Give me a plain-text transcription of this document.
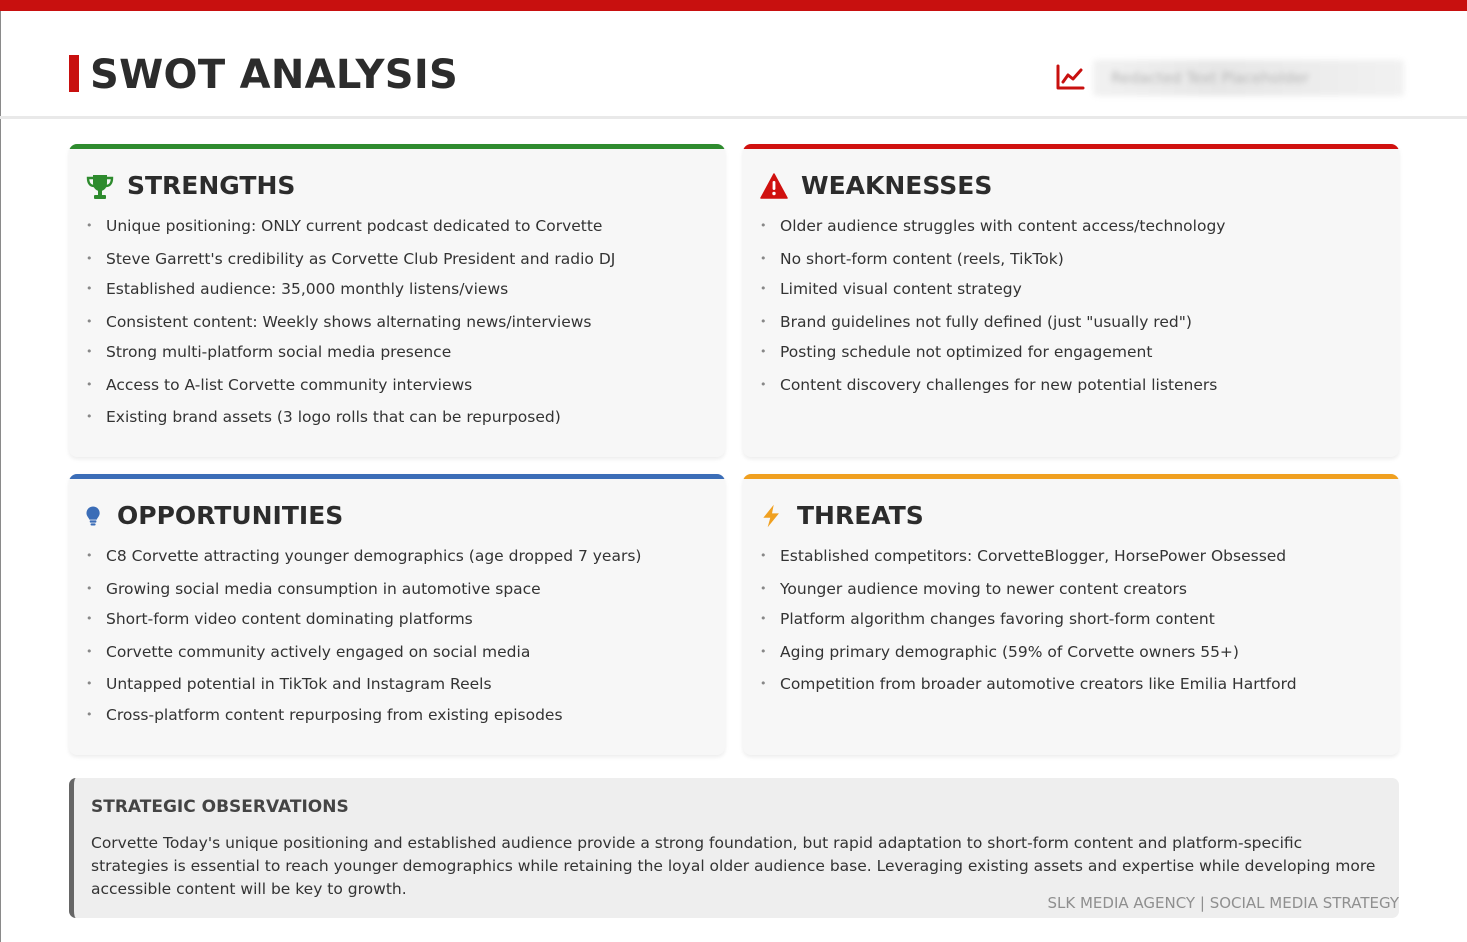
SWOT ANALYSIS	Redacted Text Placeholder
STRENGTHS
• Unique positioning: ONLY current podcast dedicated to Corvette
• Steve Garrett's credibility as Corvette Club President and radio DJ
• Established audience: 35,000 monthly listens/views
• Consistent content: Weekly shows alternating news/interviews
• Strong multi-platform social media presence
• Access to A-list Corvette community interviews
• Existing brand assets (3 logo rolls that can be repurposed)
WEAKNESSES
• Older audience struggles with content access/technology
• No short-form content (reels, TikTok)
• Limited visual content strategy
• Brand guidelines not fully defined (just "usually red")
• Posting schedule not optimized for engagement
• Content discovery challenges for new potential listeners
OPPORTUNITIES
• C8 Corvette attracting younger demographics (age dropped 7 years)
• Growing social media consumption in automotive space
• Short-form video content dominating platforms
• Corvette community actively engaged on social media
• Untapped potential in TikTok and Instagram Reels
• Cross-platform content repurposing from existing episodes
THREATS
• Established competitors: CorvetteBlogger, HorsePower Obsessed
• Younger audience moving to newer content creators
• Platform algorithm changes favoring short-form content
• Aging primary demographic (59% of Corvette owners 55+)
• Competition from broader automotive creators like Emilia Hartford
STRATEGIC OBSERVATIONS
Corvette Today's unique positioning and established audience provide a strong foundation, but rapid adaptation to short-form content and platform-specific strategies is essential to reach younger demographics while retaining the loyal older audience base. Leveraging existing assets and expertise while developing more accessible content will be key to growth.
SLK MEDIA AGENCY | SOCIAL MEDIA STRATEGY
